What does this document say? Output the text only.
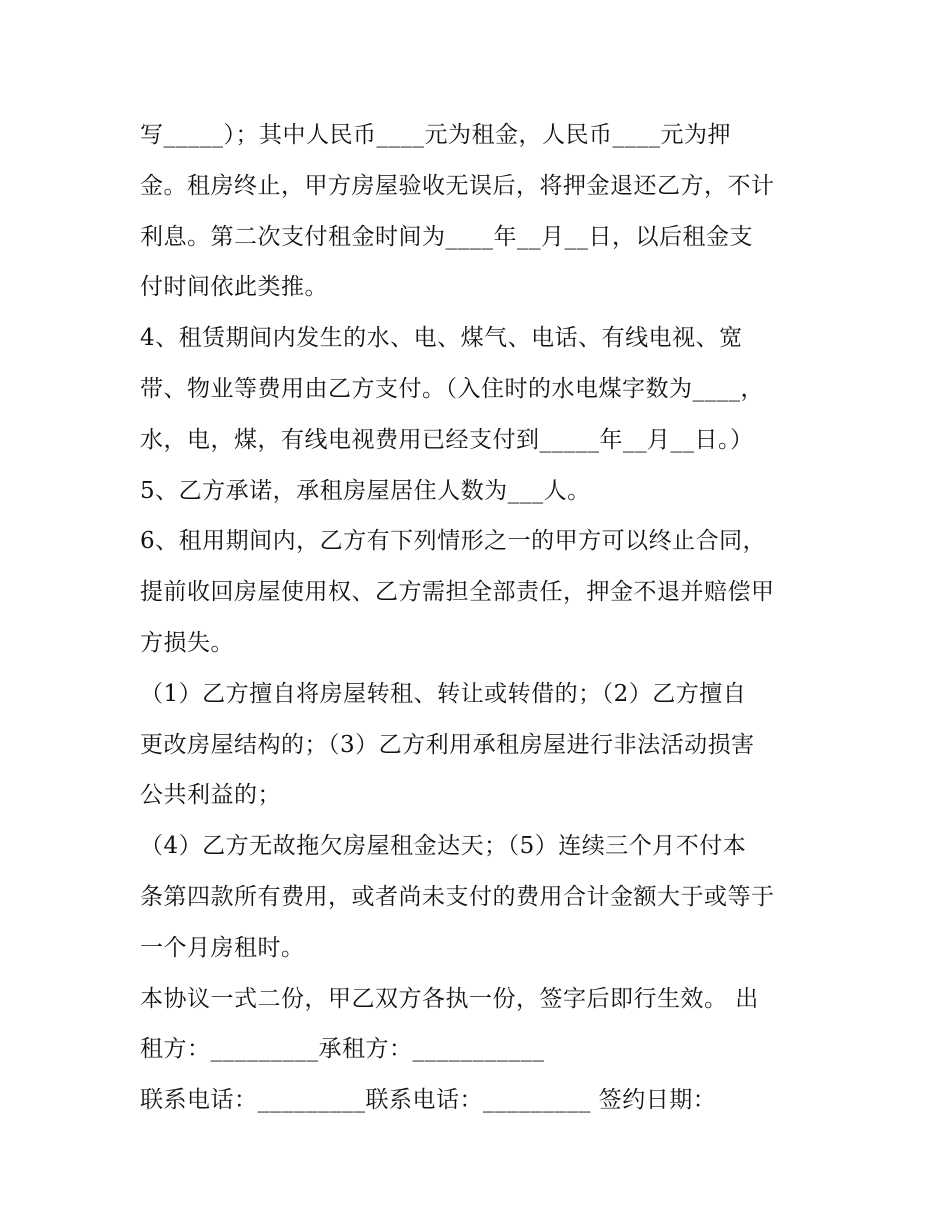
写_____）；其中人民币____元为租金，人民币____元为押
金。租房终止，甲方房屋验收无误后，将押金退还乙方，不计
利息。第二次支付租金时间为____年__月__日，以后租金支
付时间依此类推。
4、租赁期间内发生的水、电、煤气、电话、有线电视、宽
带、物业等费用由乙方支付。（入住时的水电煤字数为____，
水，电，煤，有线电视费用已经支付到_____年__月__日。）
5、乙方承诺，承租房屋居住人数为___人。
6、租用期间内，乙方有下列情形之一的甲方可以终止合同，
提前收回房屋使用权、乙方需担全部责任，押金不退并赔偿甲
方损失。
（1）乙方擅自将房屋转租、转让或转借的；（2）乙方擅自
更改房屋结构的；（3）乙方利用承租房屋进行非法活动损害
公共利益的；
（4）乙方无故拖欠房屋租金达天；（5）连续三个月不付本
条第四款所有费用，或者尚未支付的费用合计金额大于或等于
一个月房租时。
本协议一式二份，甲乙双方各执一份，签字后即行生效。 出
租方：_________承租方：___________
联系电话：_________联系电话：_________ 签约日期：
